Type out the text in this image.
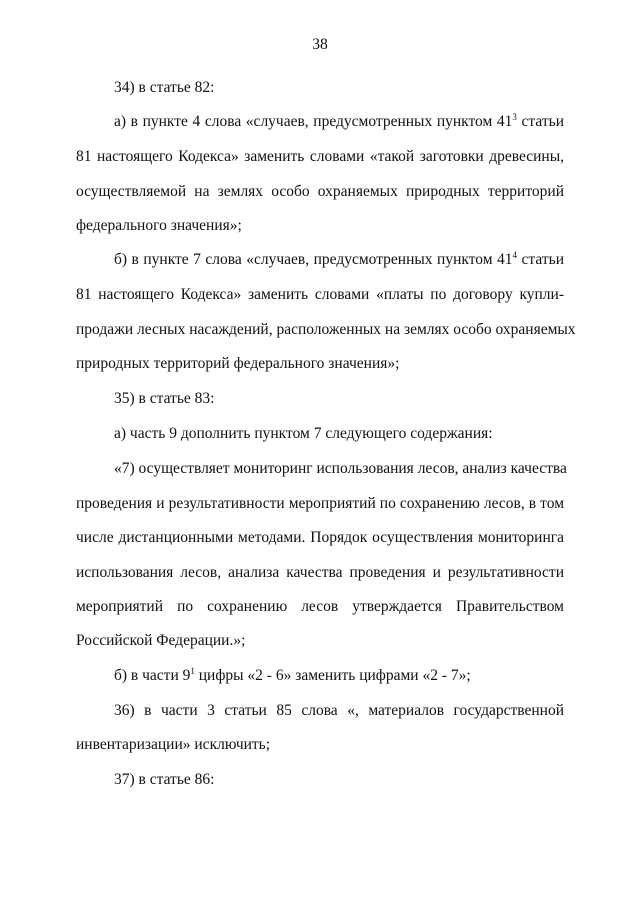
38
34) в статье 82:
а) в пункте 4 слова «случаев, предусмотренных пунктом $41^3$ статьи
81 настоящего Кодекса» заменить словами «такой заготовки древесины,
осуществляемой на землях особо охраняемых природных территорий
федерального значения»;
б) в пункте 7 слова «случаев, предусмотренных пунктом $41^4$ статьи
81 настоящего Кодекса» заменить словами «платы по договору купли-
продажи лесных насаждений, расположенных на землях особо охраняемых
природных территорий федерального значения»;
35) в статье 83:
а) часть 9 дополнить пунктом 7 следующего содержания:
«7) осуществляет мониторинг использования лесов, анализ качества
проведения и результативности мероприятий по сохранению лесов, в том
числе дистанционными методами. Порядок осуществления мониторинга
использования лесов, анализа качества проведения и результативности
мероприятий по сохранению лесов утверждается Правительством
Российской Федерации.»;
б) в части $9^1$ цифры «2 - 6» заменить цифрами «2 - 7»;
36) в части 3 статьи 85 слова «, материалов государственной
инвентаризации» исключить;
37) в статье 86:
